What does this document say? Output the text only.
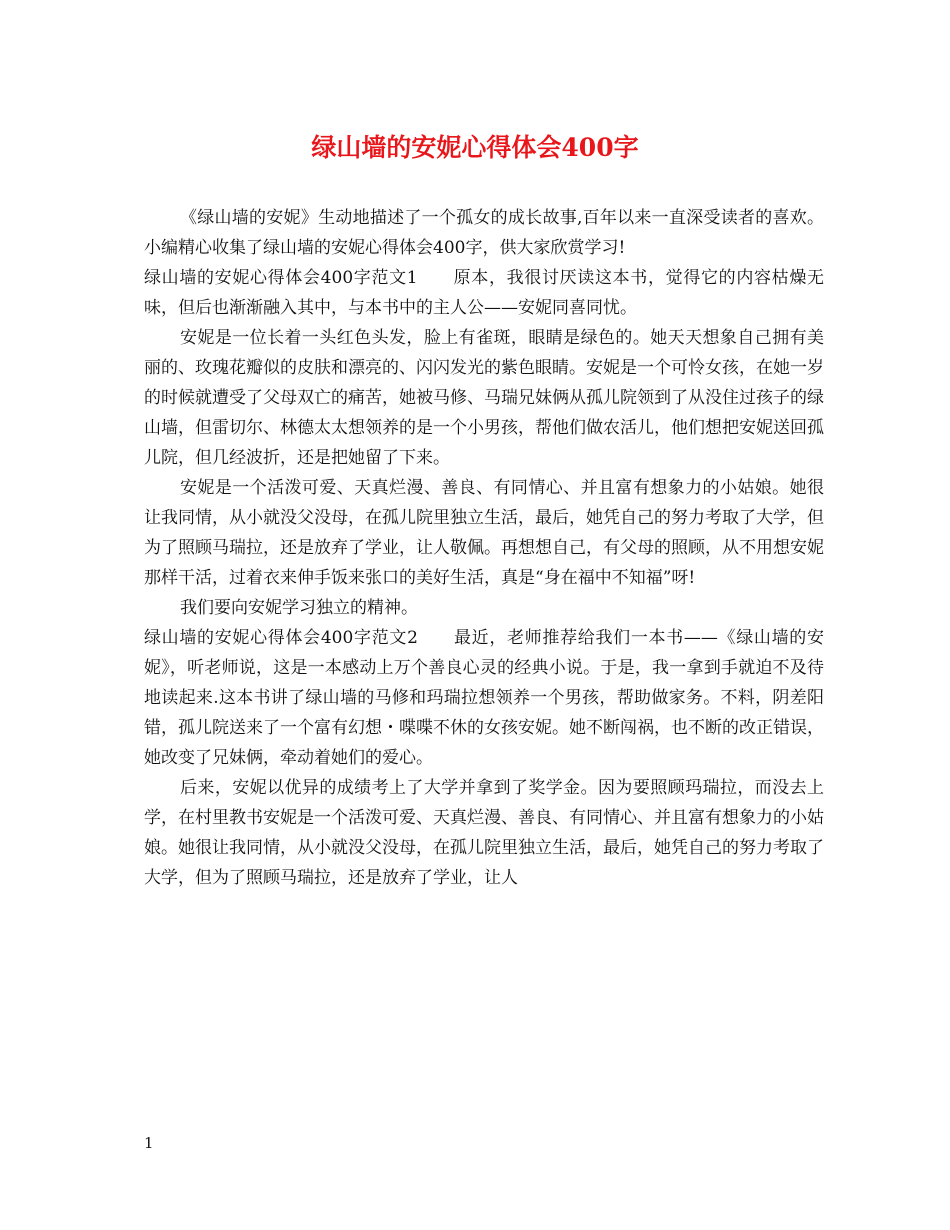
绿山墙的安妮心得体会400字

《绿山墙的安妮》生动地描述了一个孤女的成长故事,百年以来一直深受读者的喜欢。小编精心收集了绿山墙的安妮心得体会400字，供大家欣赏学习!

绿山墙的安妮心得体会400字范文1　　原本，我很讨厌读这本书，觉得它的内容枯燥无味，但后也渐渐融入其中，与本书中的主人公——安妮同喜同忧。

安妮是一位长着一头红色头发，脸上有雀斑，眼睛是绿色的。她天天想象自己拥有美丽的、玫瑰花瓣似的皮肤和漂亮的、闪闪发光的紫色眼睛。安妮是一个可怜女孩，在她一岁的时候就遭受了父母双亡的痛苦，她被马修、马瑞兄妹俩从孤儿院领到了从没住过孩子的绿山墙，但雷切尔、林德太太想领养的是一个小男孩，帮他们做农活儿，他们想把安妮送回孤儿院，但几经波折，还是把她留了下来。

安妮是一个活泼可爱、天真烂漫、善良、有同情心、并且富有想象力的小姑娘。她很让我同情，从小就没父没母，在孤儿院里独立生活，最后，她凭自己的努力考取了大学，但为了照顾马瑞拉，还是放弃了学业，让人敬佩。再想想自己，有父母的照顾，从不用想安妮那样干活，过着衣来伸手饭来张口的美好生活，真是“身在福中不知福”呀!

我们要向安妮学习独立的精神。

绿山墙的安妮心得体会400字范文2　　最近，老师推荐给我们一本书——《绿山墙的安妮》，听老师说，这是一本感动上万个善良心灵的经典小说。于是，我一拿到手就迫不及待地读起来.这本书讲了绿山墙的马修和玛瑞拉想领养一个男孩，帮助做家务。不料，阴差阳错，孤儿院送来了一个富有幻想・喋喋不休的女孩安妮。她不断闯祸，也不断的改正错误，她改变了兄妹俩，牵动着她们的爱心。

后来，安妮以优异的成绩考上了大学并拿到了奖学金。因为要照顾玛瑞拉，而没去上学，在村里教书安妮是一个活泼可爱、天真烂漫、善良、有同情心、并且富有想象力的小姑娘。她很让我同情，从小就没父没母，在孤儿院里独立生活，最后，她凭自己的努力考取了大学，但为了照顾马瑞拉，还是放弃了学业，让人

1
